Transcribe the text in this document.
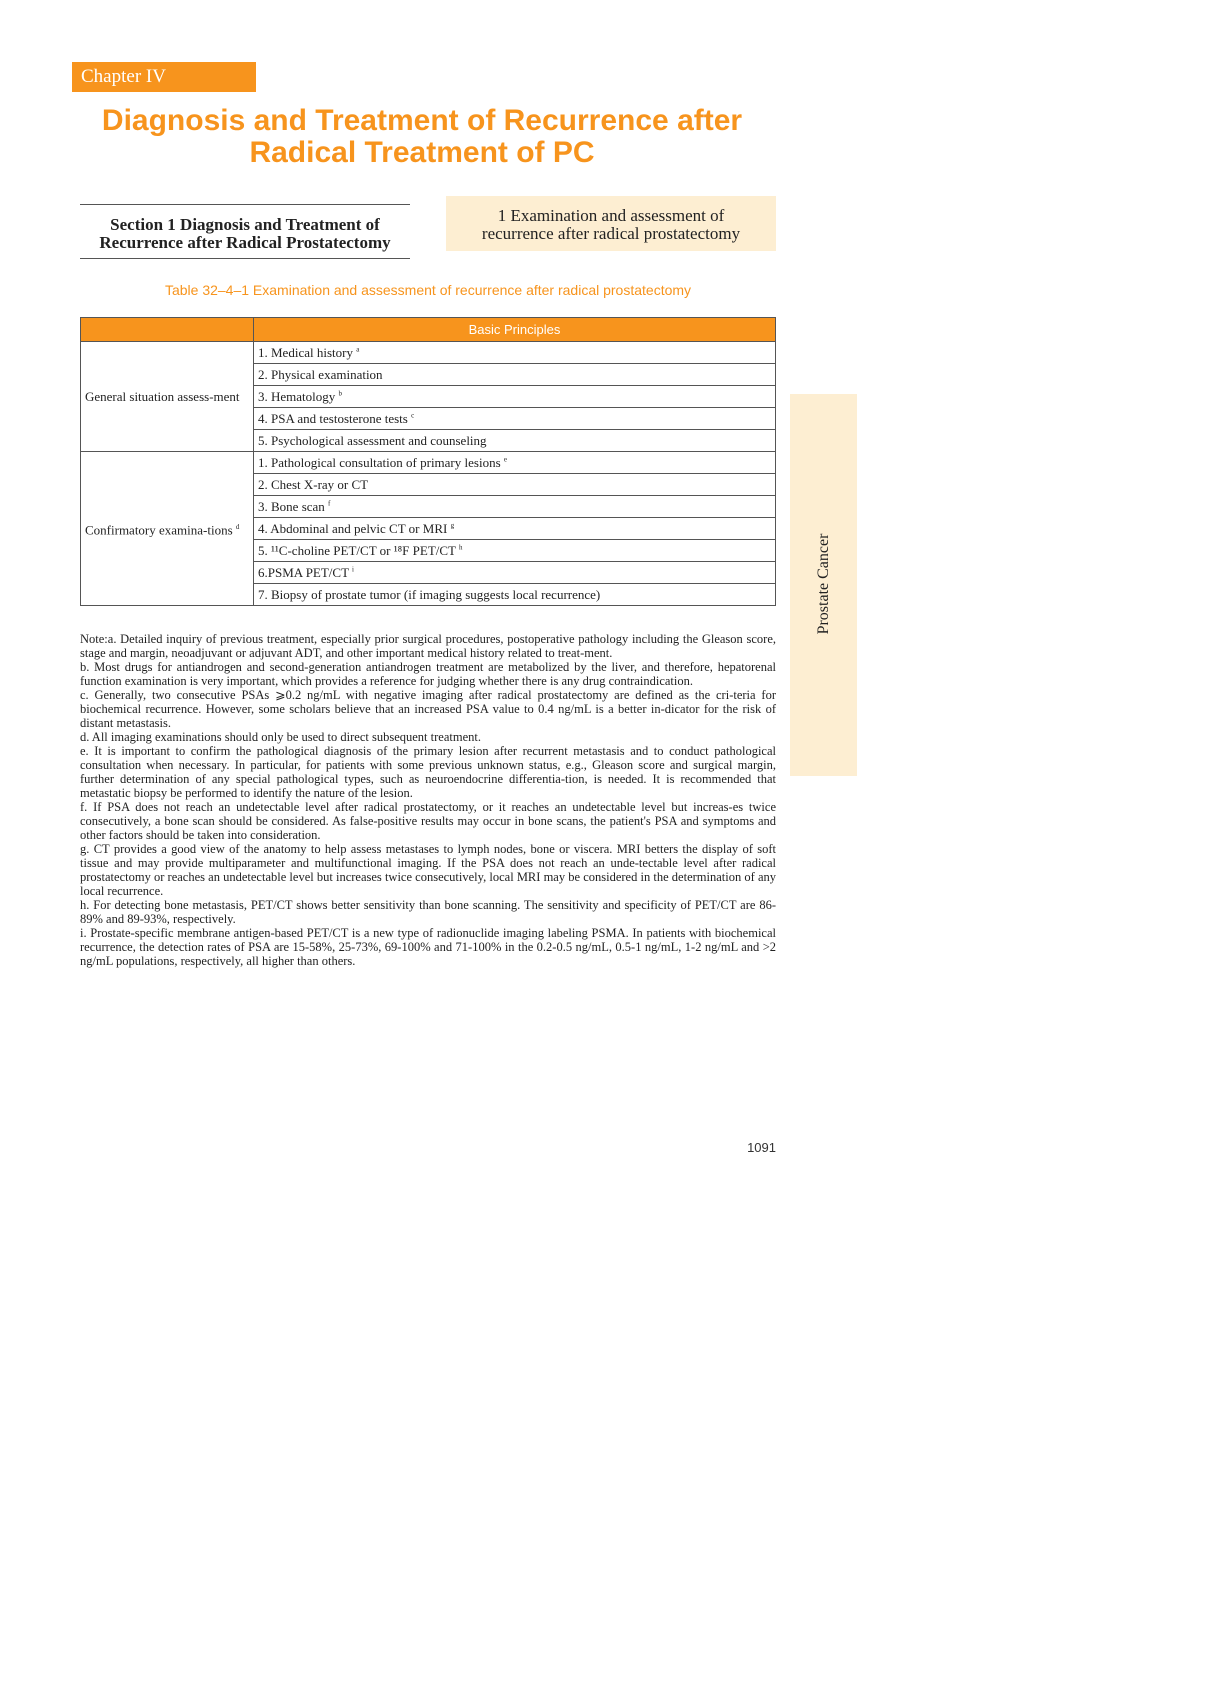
Chapter IV
Diagnosis and Treatment of Recurrence after
Radical Treatment of PC
Section 1 Diagnosis and Treatment of
Recurrence after Radical Prostatectomy
1 Examination and assessment of
recurrence after radical prostatectomy
Table 32–4–1 Examination and assessment of recurrence after radical prostatectomy
	Basic Principles
General situation assess-ment	1. Medical history $^a$
	2. Physical examination
	3. Hematology $^b$
	4. PSA and testosterone tests $^c$
	5. Psychological assessment and counseling
Confirmatory examina-tions $^d$	1. Pathological consultation of primary lesions $^e$
	2. Chest X-ray or CT
	3. Bone scan $^f$
	4. Abdominal and pelvic CT or MRI $^g$
	5. ¹¹C-choline PET/CT or ¹⁸F PET/CT $^h$
	6.PSMA PET/CT $^i$
	7. Biopsy of prostate tumor (if imaging suggests local recurrence)

Note:a. Detailed inquiry of previous treatment, especially prior surgical procedures, postoperative pathology including the Gleason score, stage and margin, neoadjuvant or adjuvant ADT, and other important medical history related to treat-ment.

b. Most drugs for antiandrogen and second-generation antiandrogen treatment are metabolized by the liver, and therefore, hepatorenal function examination is very important, which provides a reference for judging whether there is any drug contraindication.

c. Generally, two consecutive PSAs ⩾0.2 ng/mL with negative imaging after radical prostatectomy are defined as the cri-teria for biochemical recurrence. However, some scholars believe that an increased PSA value to 0.4 ng/mL is a better in-dicator for the risk of distant metastasis.

d. All imaging examinations should only be used to direct subsequent treatment.

e. It is important to confirm the pathological diagnosis of the primary lesion after recurrent metastasis and to conduct pathological consultation when necessary. In particular, for patients with some previous unknown status, e.g., Gleason score and surgical margin, further determination of any special pathological types, such as neuroendocrine differentia-tion, is needed. It is recommended that metastatic biopsy be performed to identify the nature of the lesion.

f. If PSA does not reach an undetectable level after radical prostatectomy, or it reaches an undetectable level but increas-es twice consecutively, a bone scan should be considered. As false-positive results may occur in bone scans, the patient's PSA and symptoms and other factors should be taken into consideration.

g. CT provides a good view of the anatomy to help assess metastases to lymph nodes, bone or viscera. MRI betters the display of soft tissue and may provide multiparameter and multifunctional imaging. If the PSA does not reach an unde-tectable level after radical prostatectomy or reaches an undetectable level but increases twice consecutively, local MRI may be considered in the determination of any local recurrence.

h. For detecting bone metastasis, PET/CT shows better sensitivity than bone scanning. The sensitivity and specificity of PET/CT are 86-89% and 89-93%, respectively.

i. Prostate-specific membrane antigen-based PET/CT is a new type of radionuclide imaging labeling PSMA. In patients with biochemical recurrence, the detection rates of PSA are 15-58%, 25-73%, 69-100% and 71-100% in the 0.2-0.5 ng/mL, 0.5-1 ng/mL, 1-2 ng/mL and >2 ng/mL populations, respectively, all higher than others.

1091
Prostate Cancer
